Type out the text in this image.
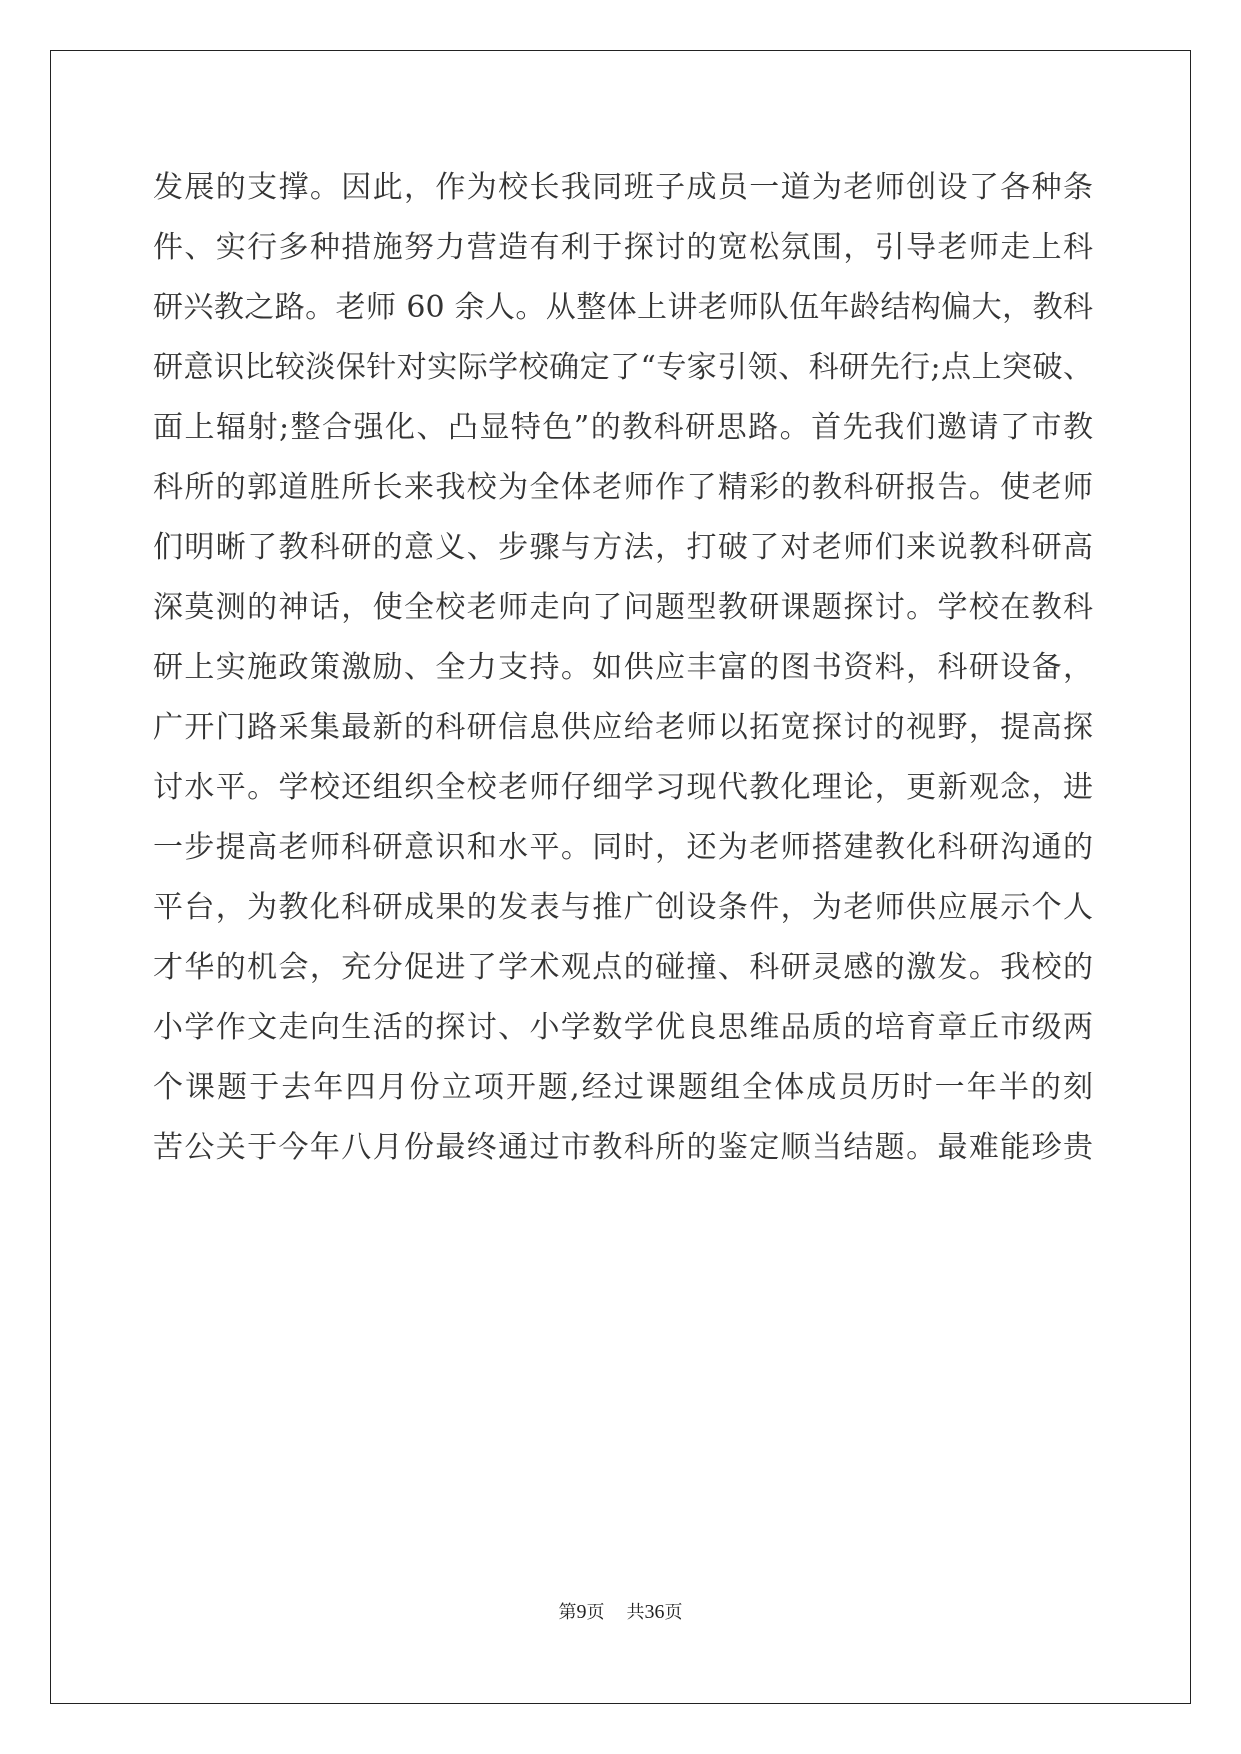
发展的支撑。因此，作为校长我同班子成员一道为老师创设了各种条
件、实行多种措施努力营造有利于探讨的宽松氛围，引导老师走上科
研兴教之路。老师 60 余人。从整体上讲老师队伍年龄结构偏大，教科
研意识比较淡保针对实际学校确定了“专家引领、科研先行;点上突破、
面上辐射;整合强化、凸显特色”的教科研思路。首先我们邀请了市教
科所的郭道胜所长来我校为全体老师作了精彩的教科研报告。使老师
们明晰了教科研的意义、步骤与方法，打破了对老师们来说教科研高
深莫测的神话，使全校老师走向了问题型教研课题探讨。学校在教科
研上实施政策激励、全力支持。如供应丰富的图书资料，科研设备，
广开门路采集最新的科研信息供应给老师以拓宽探讨的视野，提高探
讨水平。学校还组织全校老师仔细学习现代教化理论，更新观念，进
一步提高老师科研意识和水平。同时，还为老师搭建教化科研沟通的
平台，为教化科研成果的发表与推广创设条件，为老师供应展示个人
才华的机会，充分促进了学术观点的碰撞、科研灵感的激发。我校的
小学作文走向生活的探讨、小学数学优良思维品质的培育章丘市级两
个课题于去年四月份立项开题,经过课题组全体成员历时一年半的刻
苦公关于今年八月份最终通过市教科所的鉴定顺当结题。最难能珍贵
第9页 共36页
